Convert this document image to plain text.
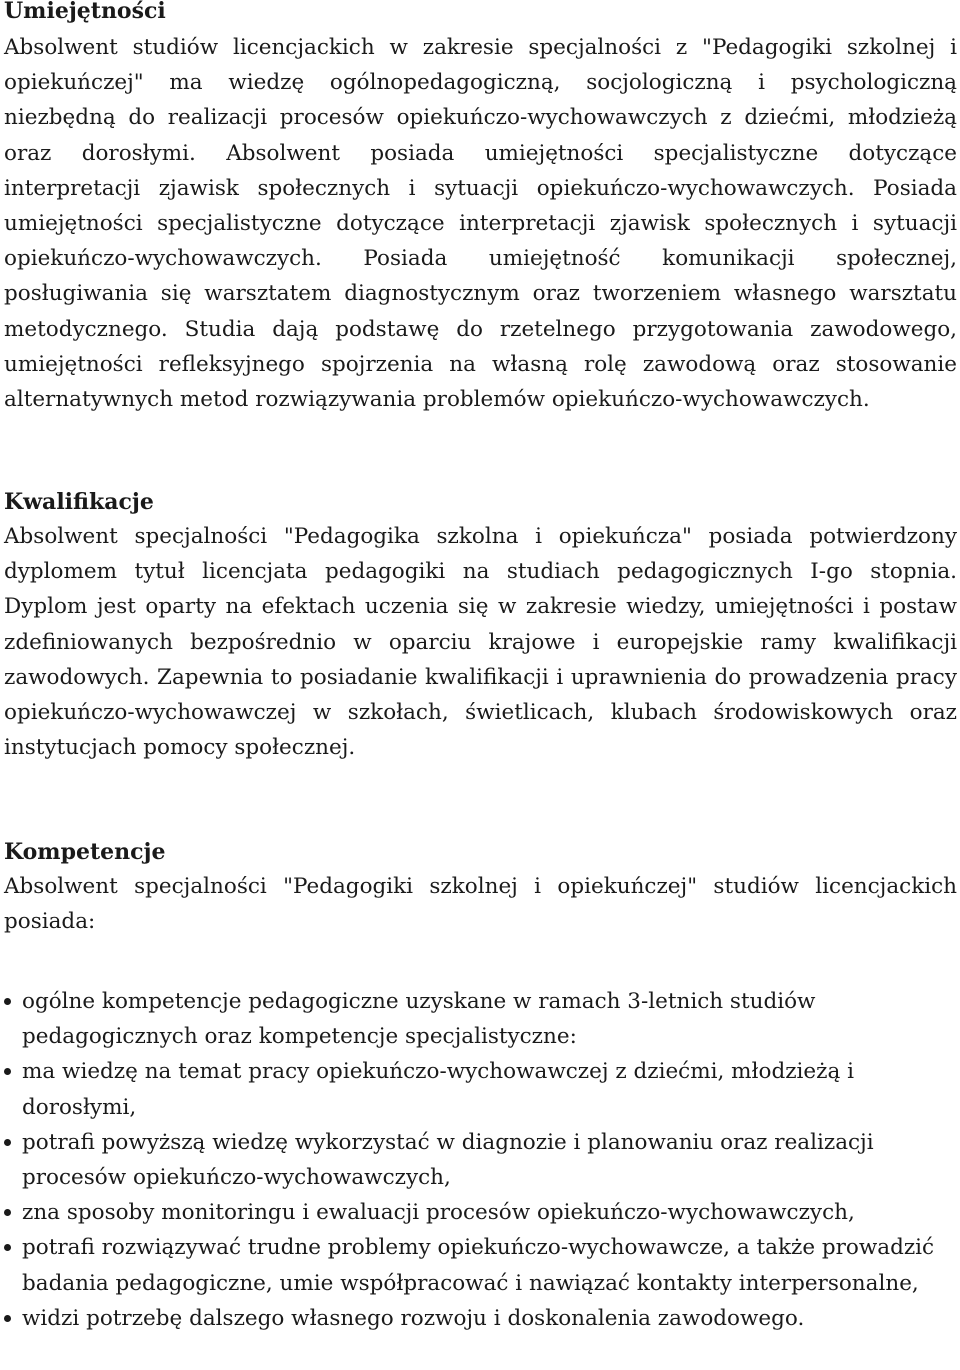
Umiejętności

Absolwent studiów licencjackich w zakresie specjalności z "Pedagogiki szkolnej i opiekuńczej" ma wiedzę ogólnopedagogiczną, socjologiczną i psychologiczną niezbędną do realizacji procesów opiekuńczo-wychowawczych z dziećmi, młodzieżą oraz dorosłymi. Absolwent posiada umiejętności specjalistyczne dotyczące interpretacji zjawisk społecznych i sytuacji opiekuńczo-wychowawczych. Posiada umiejętności specjalistyczne dotyczące interpretacji zjawisk społecznych i sytuacji opiekuńczo-wychowawczych. Posiada umiejętność komunikacji społecznej, posługiwania się warsztatem diagnostycznym oraz tworzeniem własnego warsztatu metodycznego. Studia dają podstawę do rzetelnego przygotowania zawodowego, umiejętności refleksyjnego spojrzenia na własną rolę zawodową oraz stosowanie alternatywnych metod rozwiązywania problemów opiekuńczo-wychowawczych.

Kwalifikacje

Absolwent specjalności "Pedagogika szkolna i opiekuńcza" posiada potwierdzony dyplomem tytuł licencjata pedagogiki na studiach pedagogicznych I-go stopnia. Dyplom jest oparty na efektach uczenia się w zakresie wiedzy, umiejętności i postaw zdefiniowanych bezpośrednio w oparciu krajowe i europejskie ramy kwalifikacji zawodowych. Zapewnia to posiadanie kwalifikacji i uprawnienia do prowadzenia pracy opiekuńczo-wychowawczej w szkołach, świetlicach, klubach środowiskowych oraz instytucjach pomocy społecznej.

Kompetencje

Absolwent specjalności "Pedagogiki szkolnej i opiekuńczej" studiów licencjackich posiada:

ogólne kompetencje pedagogiczne uzyskane w ramach 3-letnich studiów pedagogicznych oraz kompetencje specjalistyczne:
ma wiedzę na temat pracy opiekuńczo-wychowawczej z dziećmi, młodzieżą i dorosłymi,
potrafi powyższą wiedzę wykorzystać w diagnozie i planowaniu oraz realizacji procesów opiekuńczo-wychowawczych,
zna sposoby monitoringu i ewaluacji procesów opiekuńczo-wychowawczych,
potrafi rozwiązywać trudne problemy opiekuńczo-wychowawcze, a także prowadzić badania pedagogiczne, umie współpracować i nawiązać kontakty interpersonalne,
widzi potrzebę dalszego własnego rozwoju i doskonalenia zawodowego.
